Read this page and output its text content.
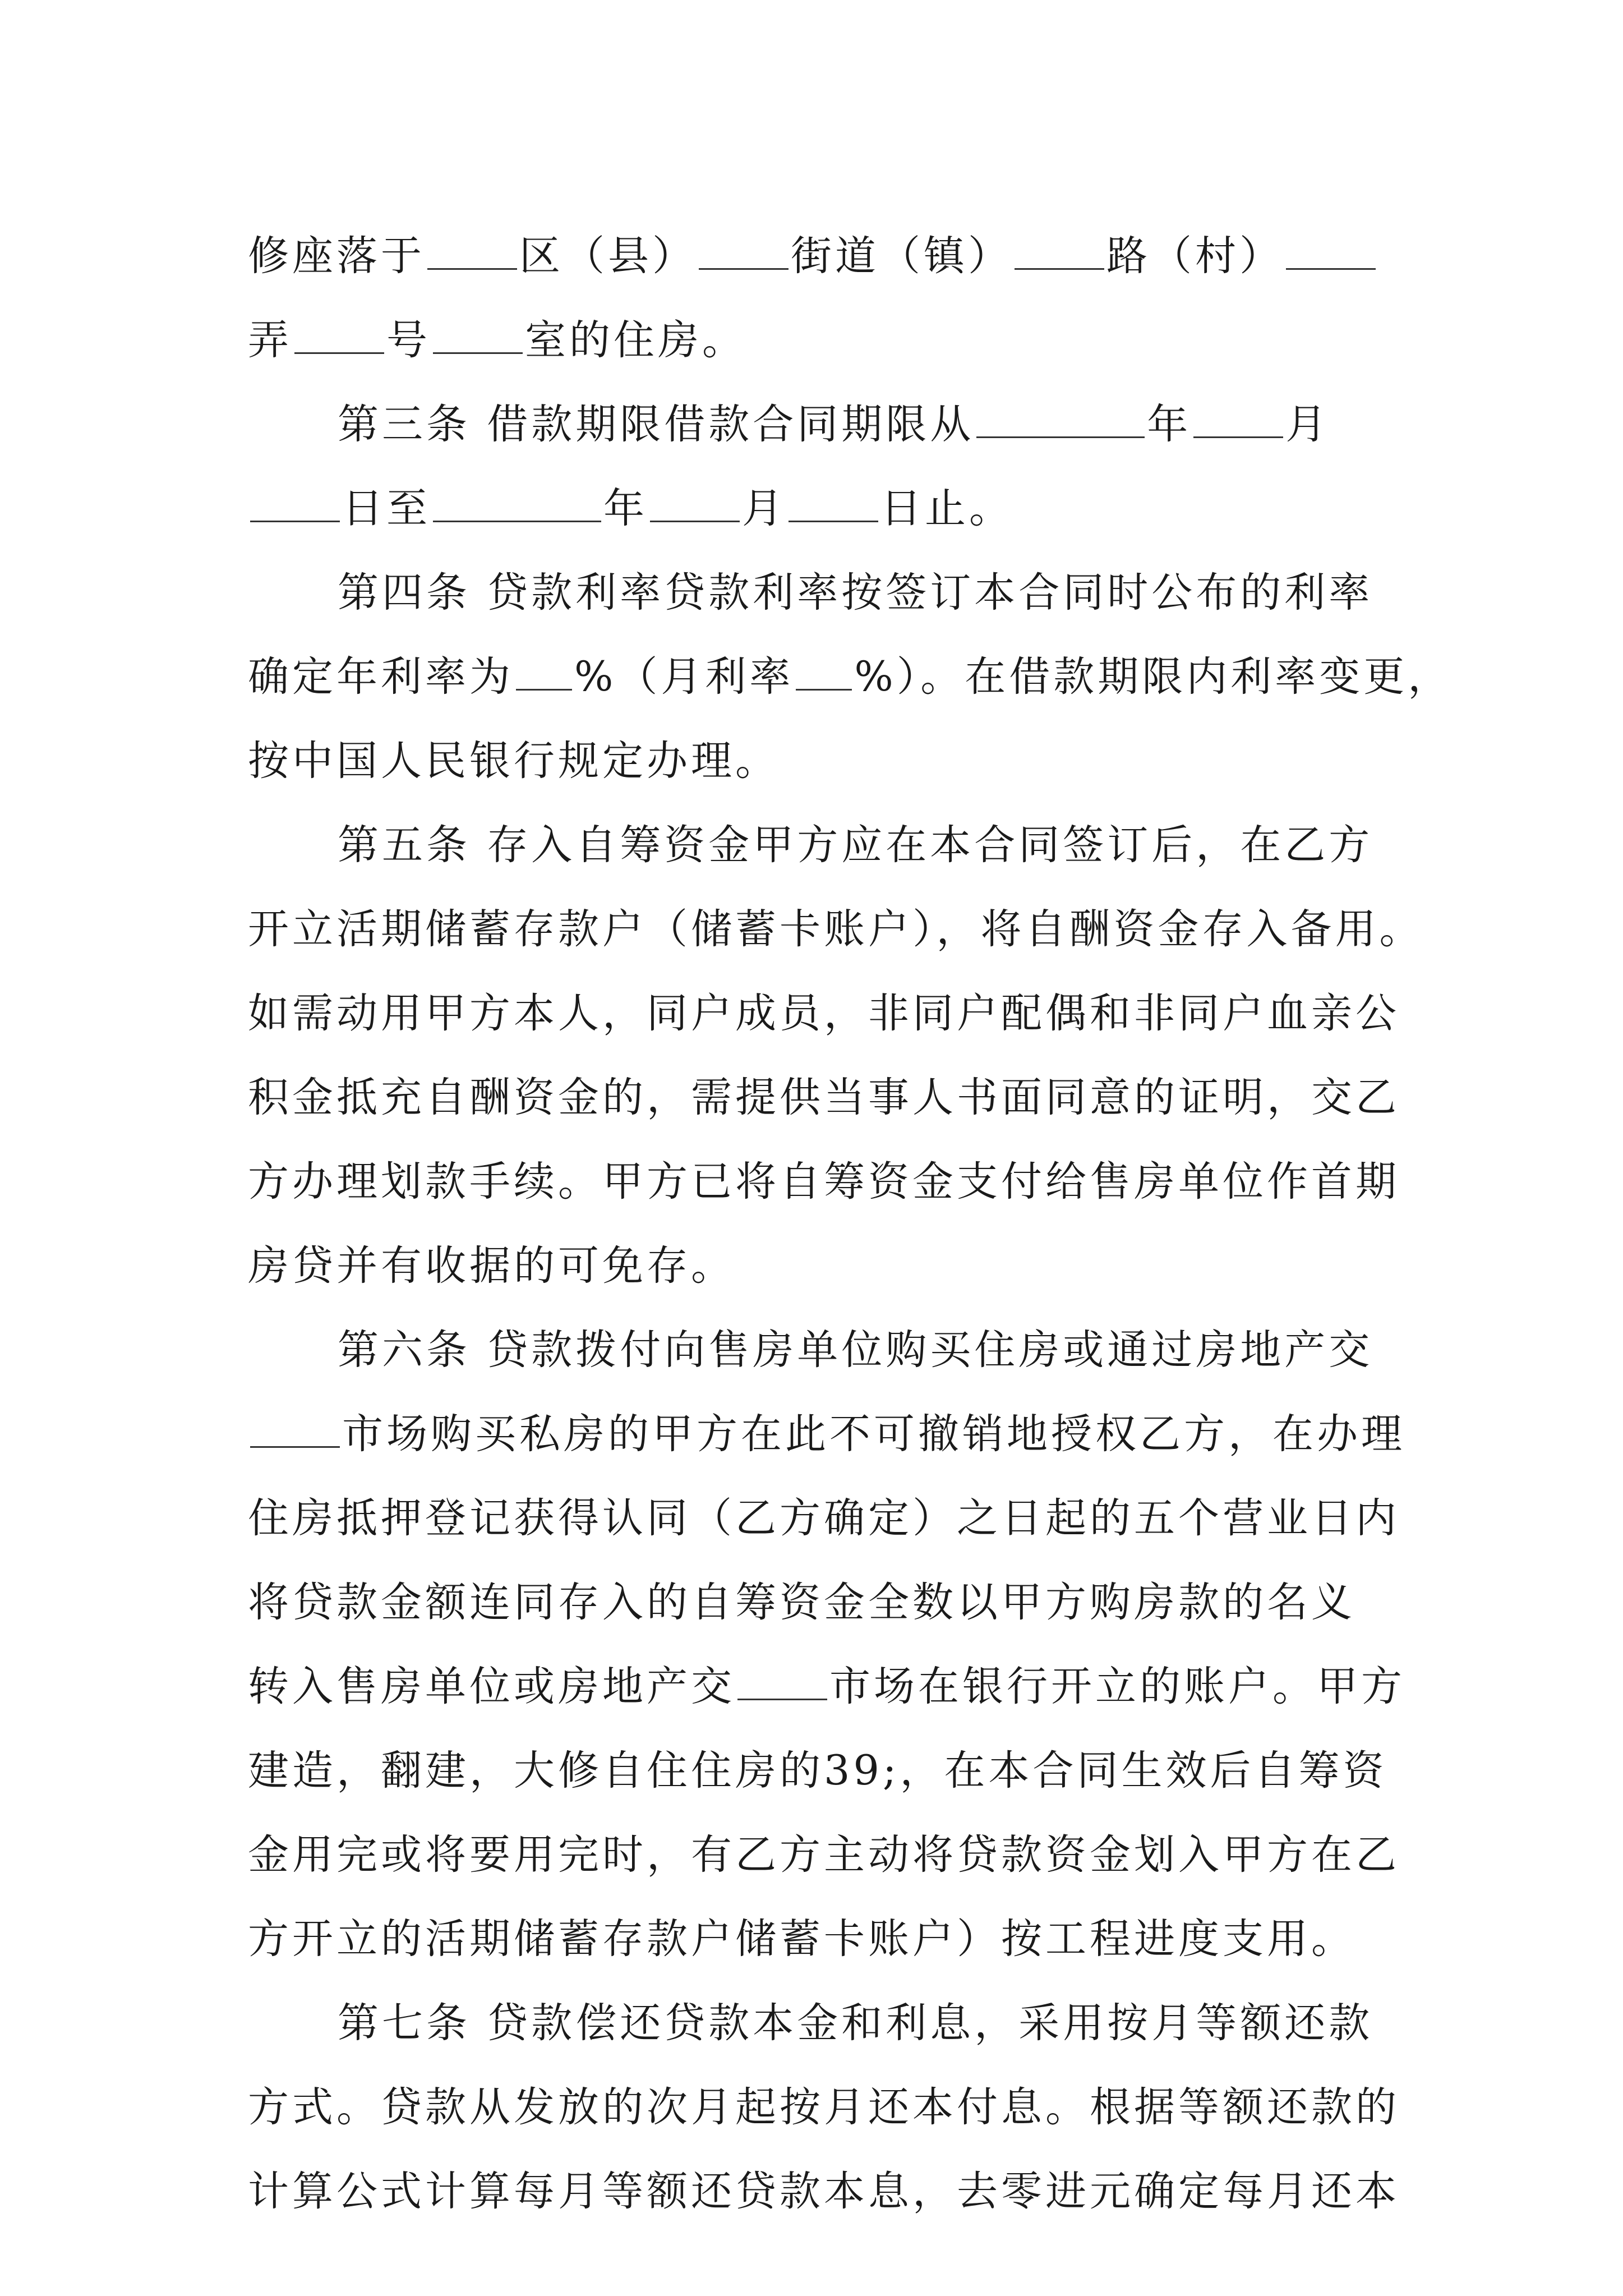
修座落于 区（县） 街道（镇） 路（村）
弄 号 室的住房。
第三条 借款期限借款合同期限从	年 月
日至	年 月 日止。
第四条 贷款利率贷款利率按签订本合同时公布的利率
确定年利率为 %（月利率 %）。在借款期限内利率变更，
按中国人民银行规定办理。
第五条 存入自筹资金甲方应在本合同签订后，在乙方
开立活期储蓄存款户（储蓄卡账户），将自酬资金存入备用。
如需动用甲方本人，同户成员，非同户配偶和非同户血亲公
积金抵充自酬资金的，需提供当事人书面同意的证明，交乙
方办理划款手续。甲方已将自筹资金支付给售房单位作首期
房贷并有收据的可免存。
第六条 贷款拨付向售房单位购买住房或通过房地产交
市场购买私房的甲方在此不可撤销地授权乙方，在办理
住房抵押登记获得认同（乙方确定）之日起的五个营业日内
将贷款金额连同存入的自筹资金全数以甲方购房款的名义
转入售房单位或房地产交 市场在银行开立的账户。甲方
建造，翻建，大修自住住房的39;，在本合同生效后自筹资
金用完或将要用完时，有乙方主动将贷款资金划入甲方在乙
方开立的活期储蓄存款户储蓄卡账户）按工程进度支用。
第七条 贷款偿还贷款本金和利息，采用按月等额还款
方式。贷款从发放的次月起按月还本付息。根据等额还款的
计算公式计算每月等额还贷款本息，去零进元确定每月还本
